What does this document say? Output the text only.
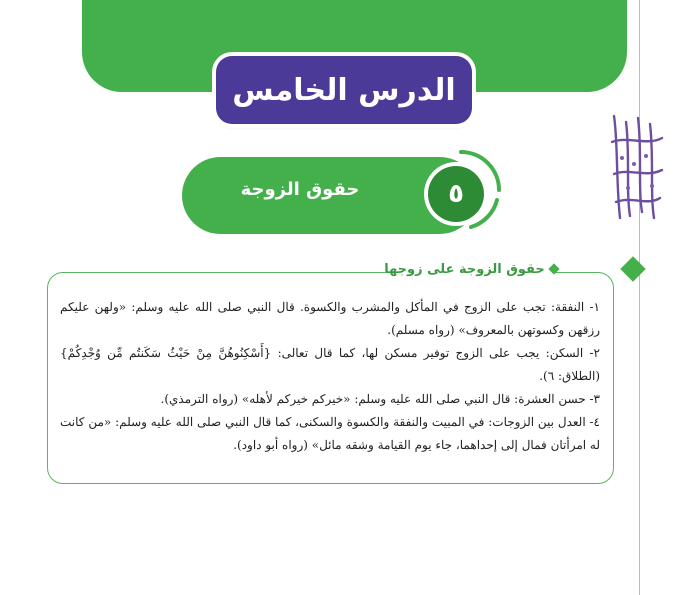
الدرس الخامس
حقوق الزوجة	٥
حقوق الزوجة على زوجها

١- النفقة: تجب على الزوج في المأكل والمشرب والكسوة. قال النبي صلى الله عليه وسلم: «ولهن عليكم رزقهن وكسوتهن بالمعروف» (رواه مسلم).

٢- السكن: يجب على الزوج توفير مسكن لها، كما قال تعالى: {أَسْكِنُوهُنَّ مِنْ حَيْثُ سَكَنتُم مِّن وُجْدِكُمْ} (الطلاق: ٦).

٣- حسن العشرة: قال النبي صلى الله عليه وسلم: «خيركم خيركم لأهله» (رواه الترمذي).

٤- العدل بين الزوجات: في المبيت والنفقة والكسوة والسكنى، كما قال النبي صلى الله عليه وسلم: «من كانت له امرأتان فمال إلى إحداهما، جاء يوم القيامة وشقه مائل» (رواه أبو داود).
